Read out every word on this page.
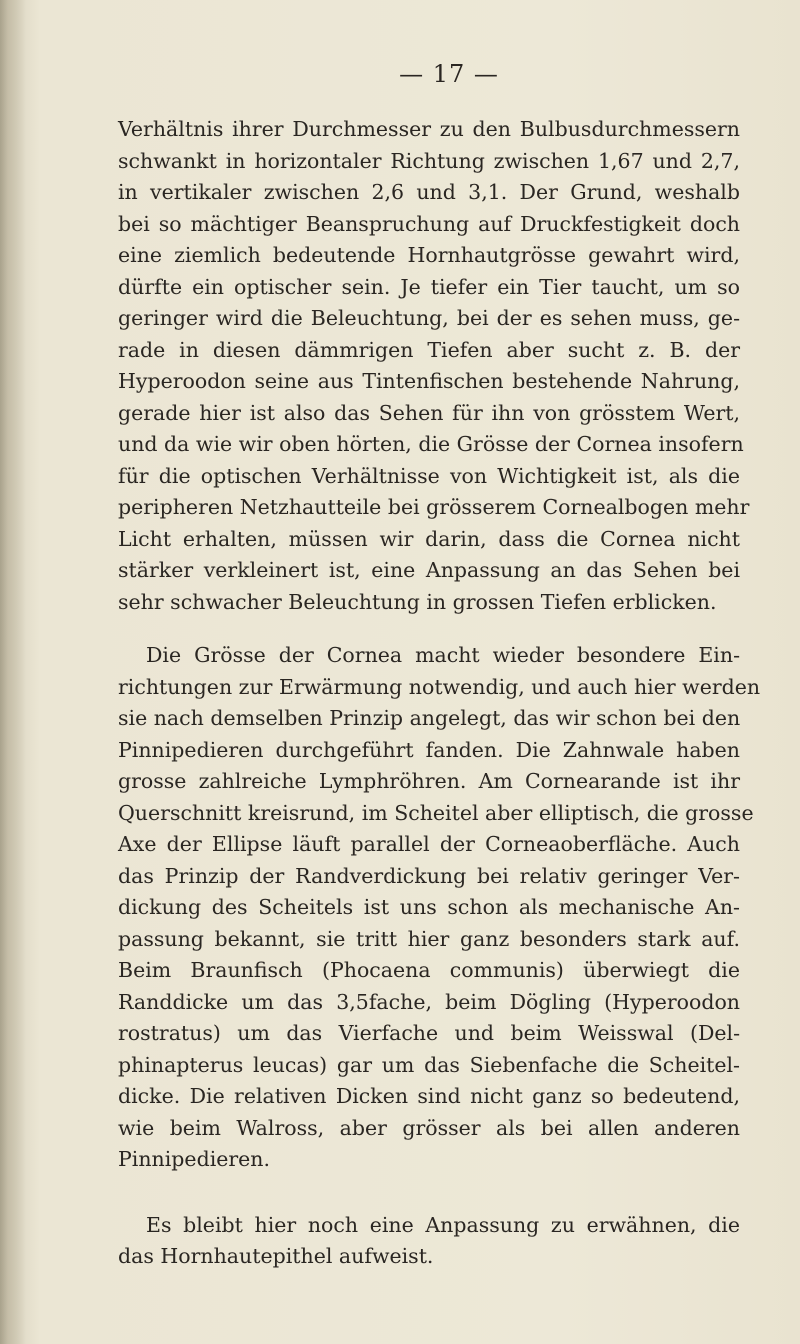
— 17 —
Verhältnis ihrer Durchmesser zu den Bulbusdurchmessern
schwankt in horizontaler Richtung zwischen 1,67 und 2,7,
in vertikaler zwischen 2,6 und 3,1. Der Grund, weshalb
bei so mächtiger Beanspruchung auf Druckfestigkeit doch
eine ziemlich bedeutende Hornhautgrösse gewahrt wird,
dürfte ein optischer sein. Je tiefer ein Tier taucht, um so
geringer wird die Beleuchtung, bei der es sehen muss, ge-
rade in diesen dämmrigen Tiefen aber sucht z. B. der
Hyperoodon seine aus Tintenfischen bestehende Nahrung,
gerade hier ist also das Sehen für ihn von grösstem Wert,
und da wie wir oben hörten, die Grösse der Cornea insofern
für die optischen Verhältnisse von Wichtigkeit ist, als die
peripheren Netzhautteile bei grösserem Cornealbogen mehr
Licht erhalten, müssen wir darin, dass die Cornea nicht
stärker verkleinert ist, eine Anpassung an das Sehen bei
sehr schwacher Beleuchtung in grossen Tiefen erblicken.
Die Grösse der Cornea macht wieder besondere Ein-
richtungen zur Erwärmung notwendig, und auch hier werden
sie nach demselben Prinzip angelegt, das wir schon bei den
Pinnipedieren durchgeführt fanden. Die Zahnwale haben
grosse zahlreiche Lymphröhren. Am Cornearande ist ihr
Querschnitt kreisrund, im Scheitel aber elliptisch, die grosse
Axe der Ellipse läuft parallel der Corneaoberfläche. Auch
das Prinzip der Randverdickung bei relativ geringer Ver-
dickung des Scheitels ist uns schon als mechanische An-
passung bekannt, sie tritt hier ganz besonders stark auf.
Beim Braunfisch (Phocaena communis) überwiegt die
Randdicke um das 3,5fache, beim Dögling (Hyperoodon
rostratus) um das Vierfache und beim Weisswal (Del-
phinapterus leucas) gar um das Siebenfache die Scheitel-
dicke. Die relativen Dicken sind nicht ganz so bedeutend,
wie beim Walross, aber grösser als bei allen anderen
Pinnipedieren.
Es bleibt hier noch eine Anpassung zu erwähnen, die
das Hornhautepithel aufweist.
